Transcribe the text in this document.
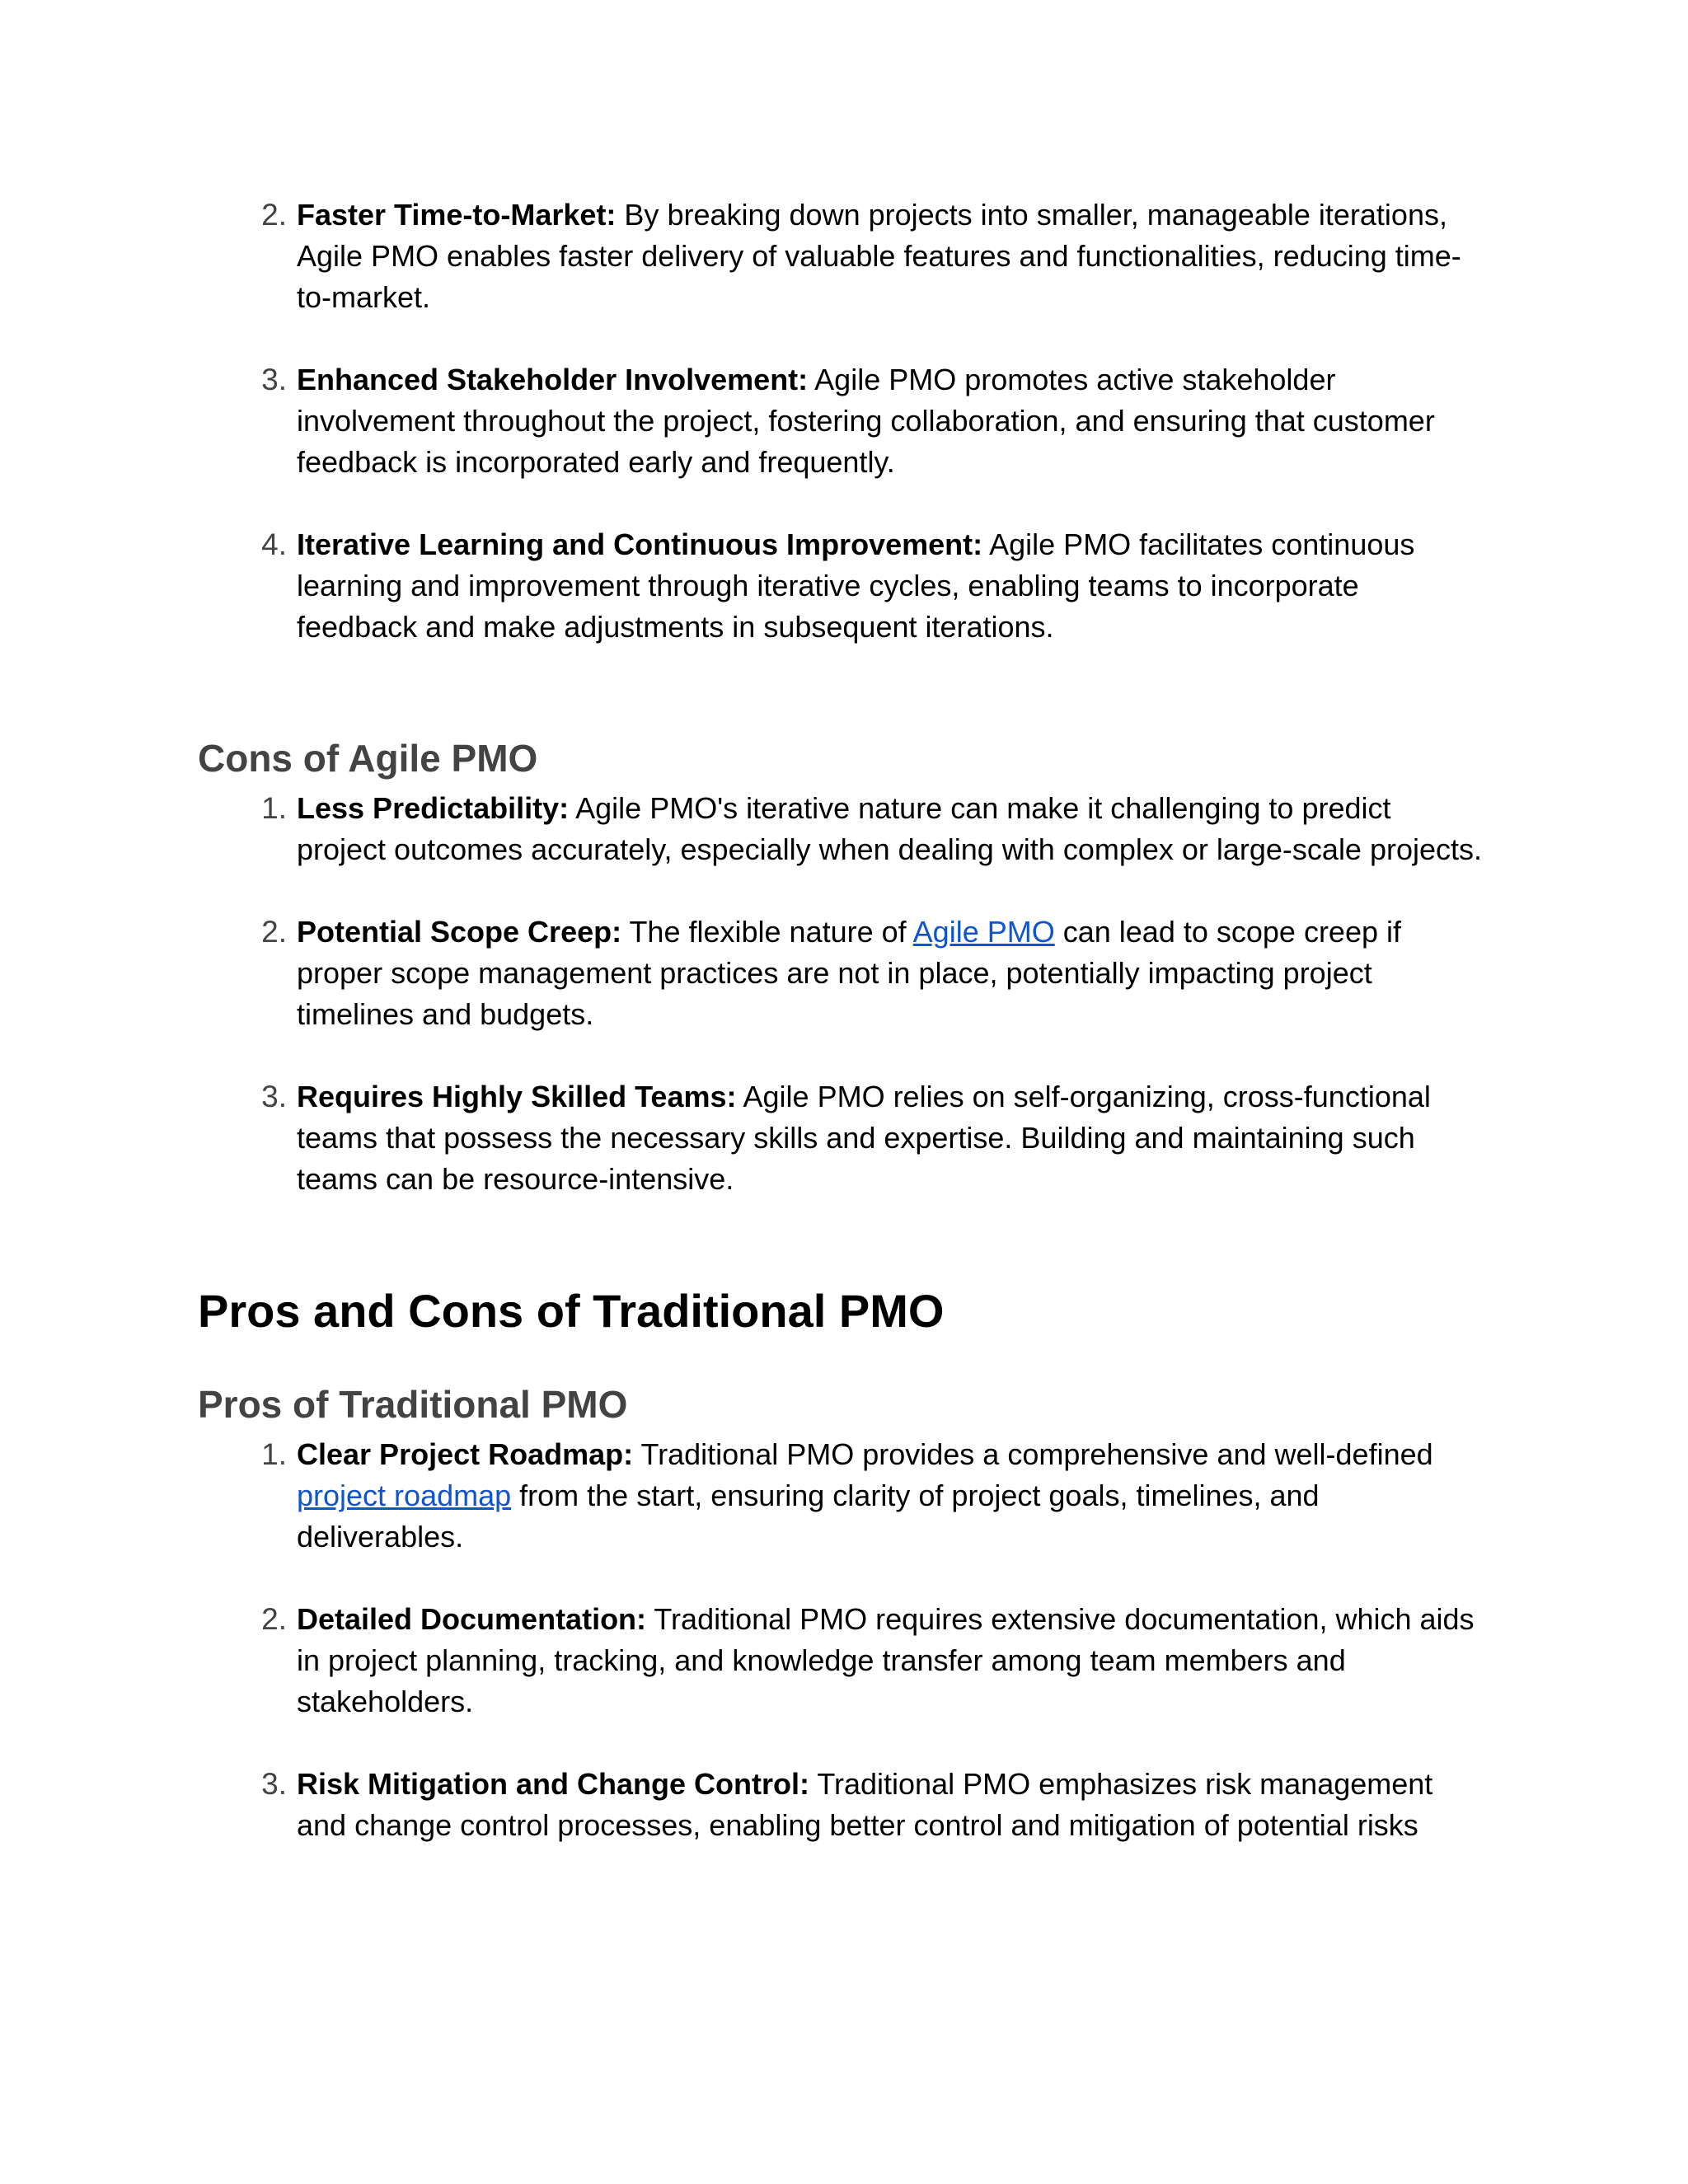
2. Faster Time-to-Market: By breaking down projects into smaller, manageable iterations, Agile PMO enables faster delivery of valuable features and functionalities, reducing time-to-market.
3. Enhanced Stakeholder Involvement: Agile PMO promotes active stakeholder involvement throughout the project, fostering collaboration, and ensuring that customer feedback is incorporated early and frequently.
4. Iterative Learning and Continuous Improvement: Agile PMO facilitates continuous learning and improvement through iterative cycles, enabling teams to incorporate feedback and make adjustments in subsequent iterations.
Cons of Agile PMO
1. Less Predictability: Agile PMO's iterative nature can make it challenging to predict project outcomes accurately, especially when dealing with complex or large-scale projects.
2. Potential Scope Creep: The flexible nature of Agile PMO can lead to scope creep if proper scope management practices are not in place, potentially impacting project timelines and budgets.
3. Requires Highly Skilled Teams: Agile PMO relies on self-organizing, cross-functional teams that possess the necessary skills and expertise. Building and maintaining such teams can be resource-intensive.
Pros and Cons of Traditional PMO
Pros of Traditional PMO
1. Clear Project Roadmap: Traditional PMO provides a comprehensive and well-defined project roadmap from the start, ensuring clarity of project goals, timelines, and deliverables.
2. Detailed Documentation: Traditional PMO requires extensive documentation, which aids in project planning, tracking, and knowledge transfer among team members and stakeholders.
3. Risk Mitigation and Change Control: Traditional PMO emphasizes risk management and change control processes, enabling better control and mitigation of potential risks
